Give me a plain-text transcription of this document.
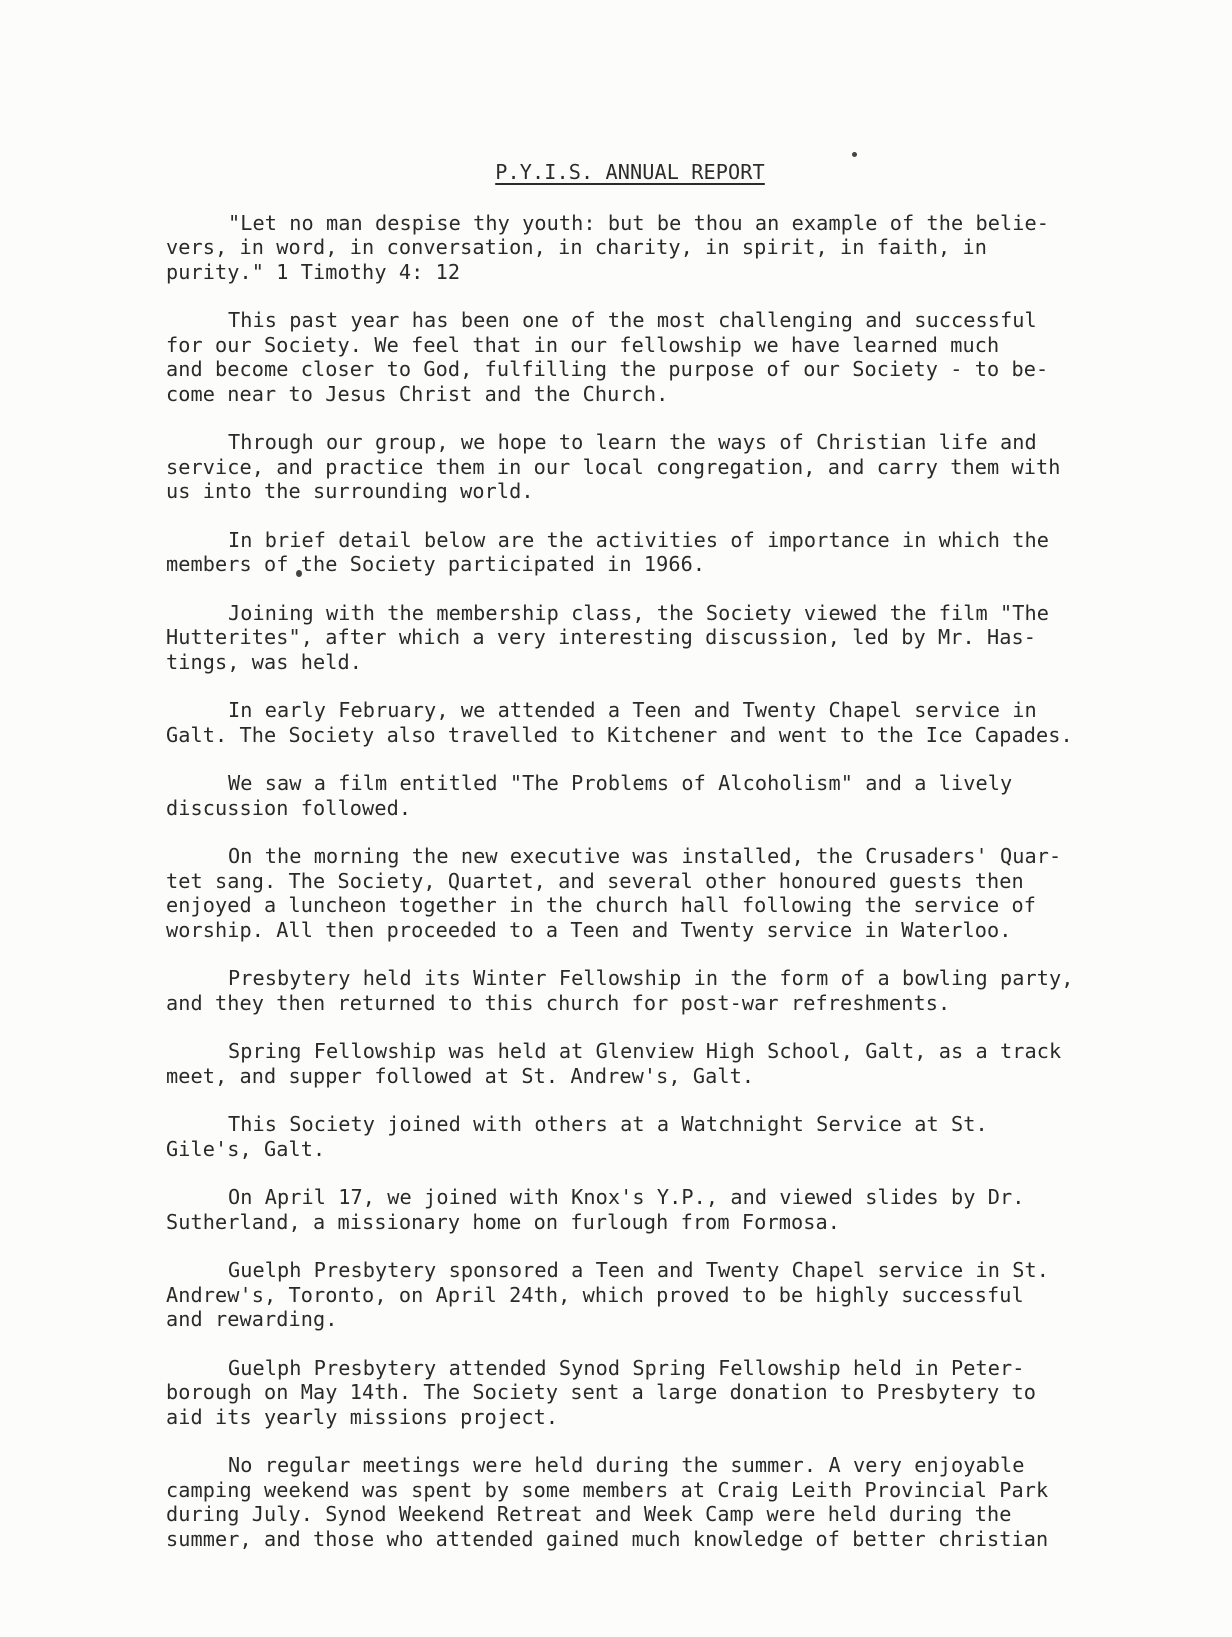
P.Y.I.S. ANNUAL REPORT
"Let no man despise thy youth: but be thou an example of the belie-
vers, in word, in conversation, in charity, in spirit, in faith, in
purity." 1 Timothy 4: 12
This past year has been one of the most challenging and successful
for our Society. We feel that in our fellowship we have learned much
and become closer to God, fulfilling the purpose of our Society - to be-
come near to Jesus Christ and the Church.
Through our group, we hope to learn the ways of Christian life and
service, and practice them in our local congregation, and carry them with
us into the surrounding world.
In brief detail below are the activities of importance in which the
members of the Society participated in 1966.
Joining with the membership class, the Society viewed the film "The
Hutterites", after which a very interesting discussion, led by Mr. Has-
tings, was held.
In early February, we attended a Teen and Twenty Chapel service in
Galt. The Society also travelled to Kitchener and went to the Ice Capades.
We saw a film entitled "The Problems of Alcoholism" and a lively
discussion followed.
On the morning the new executive was installed, the Crusaders' Quar-
tet sang. The Society, Quartet, and several other honoured guests then
enjoyed a luncheon together in the church hall following the service of
worship. All then proceeded to a Teen and Twenty service in Waterloo.
Presbytery held its Winter Fellowship in the form of a bowling party,
and they then returned to this church for post-war refreshments.
Spring Fellowship was held at Glenview High School, Galt, as a track
meet, and supper followed at St. Andrew's, Galt.
This Society joined with others at a Watchnight Service at St.
Gile's, Galt.
On April 17, we joined with Knox's Y.P., and viewed slides by Dr.
Sutherland, a missionary home on furlough from Formosa.
Guelph Presbytery sponsored a Teen and Twenty Chapel service in St.
Andrew's, Toronto, on April 24th, which proved to be highly successful
and rewarding.
Guelph Presbytery attended Synod Spring Fellowship held in Peter-
borough on May 14th. The Society sent a large donation to Presbytery to
aid its yearly missions project.
No regular meetings were held during the summer. A very enjoyable
camping weekend was spent by some members at Craig Leith Provincial Park
during July. Synod Weekend Retreat and Week Camp were held during the
summer, and those who attended gained much knowledge of better christian
